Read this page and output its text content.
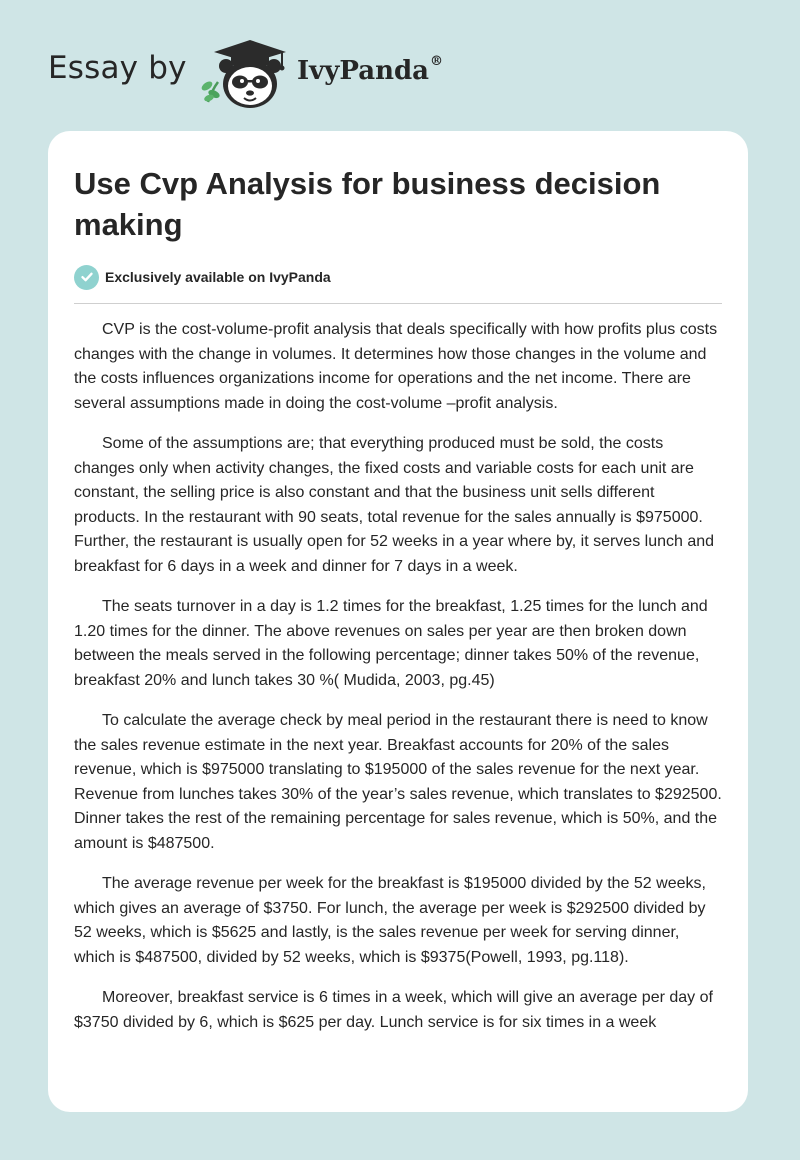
Essay by	IvyPanda®
Use Cvp Analysis for business decision making
Exclusively available on IvyPanda

CVP is the cost-volume-profit analysis that deals specifically with how profits plus costs changes with the change in volumes. It determines how those changes in the volume and the costs influences organizations income for operations and the net income. There are several assumptions made in doing the cost-volume –profit analysis.

Some of the assumptions are; that everything produced must be sold, the costs changes only when activity changes, the fixed costs and variable costs for each unit are constant, the selling price is also constant and that the business unit sells different products. In the restaurant with 90 seats, total revenue for the sales annually is $975000. Further, the restaurant is usually open for 52 weeks in a year where by, it serves lunch and breakfast for 6 days in a week and dinner for 7 days in a week.

The seats turnover in a day is 1.2 times for the breakfast, 1.25 times for the lunch and 1.20 times for the dinner. The above revenues on sales per year are then broken down between the meals served in the following percentage; dinner takes 50% of the revenue, breakfast 20% and lunch takes 30 %( Mudida, 2003, pg.45)

To calculate the average check by meal period in the restaurant there is need to know the sales revenue estimate in the next year. Breakfast accounts for 20% of the sales revenue, which is $975000 translating to $195000 of the sales revenue for the next year. Revenue from lunches takes 30% of the year’s sales revenue, which translates to $292500. Dinner takes the rest of the remaining percentage for sales revenue, which is 50%, and the amount is $487500.

The average revenue per week for the breakfast is $195000 divided by the 52 weeks, which gives an average of $3750. For lunch, the average per week is $292500 divided by 52 weeks, which is $5625 and lastly, is the sales revenue per week for serving dinner, which is $487500, divided by 52 weeks, which is $9375(Powell, 1993, pg.118).

Moreover, breakfast service is 6 times in a week, which will give an average per day of $3750 divided by 6, which is $625 per day. Lunch service is for six times in a week
